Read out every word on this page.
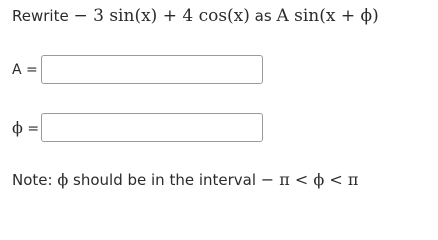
Rewrite − 3 sin(x) + 4 cos(x) as A sin(x + ϕ)
A =
ϕ =
Note: ϕ should be in the interval − π < ϕ < π
